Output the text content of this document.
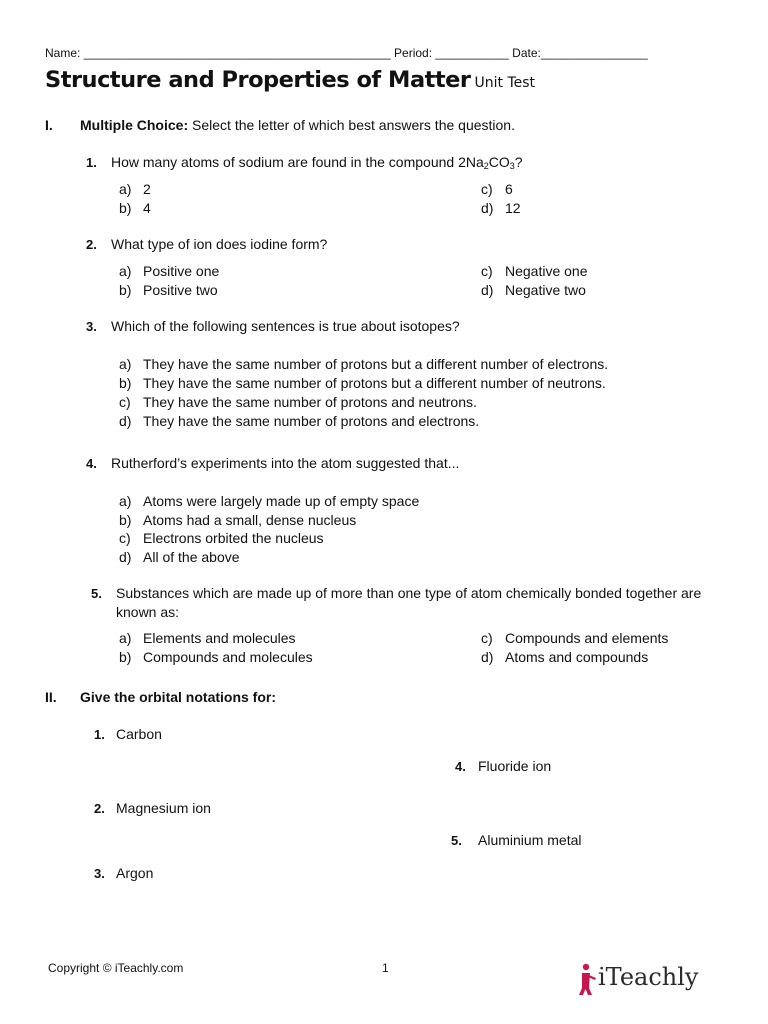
Name: ______________________________________________ Period: ___________ Date:________________
Structure and Properties of Matter Unit Test
I. Multiple Choice: Select the letter of which best answers the question.
1. How many atoms of sodium are found in the compound $2Na_2CO_3$?
a) 2
b) 4
c) 6
d) 12
2. What type of ion does iodine form?
a) Positive one
b) Positive two
c) Negative one
d) Negative two
3. Which of the following sentences is true about isotopes?
a) They have the same number of protons but a different number of electrons.
b) They have the same number of protons but a different number of neutrons.
c) They have the same number of protons and neutrons.
d) They have the same number of protons and electrons.
4. Rutherford’s experiments into the atom suggested that...
a) Atoms were largely made up of empty space
b) Atoms had a small, dense nucleus
c) Electrons orbited the nucleus
d) All of the above
5. Substances which are made up of more than one type of atom chemically bonded together are
known as:
a) Elements and molecules
b) Compounds and molecules
c) Compounds and elements
d) Atoms and compounds
II. Give the orbital notations for:
1. Carbon
2. Magnesium ion
3. Argon
4. Fluoride ion
5. Aluminium metal
Copyright © iTeachly.com	1	iTeachly
